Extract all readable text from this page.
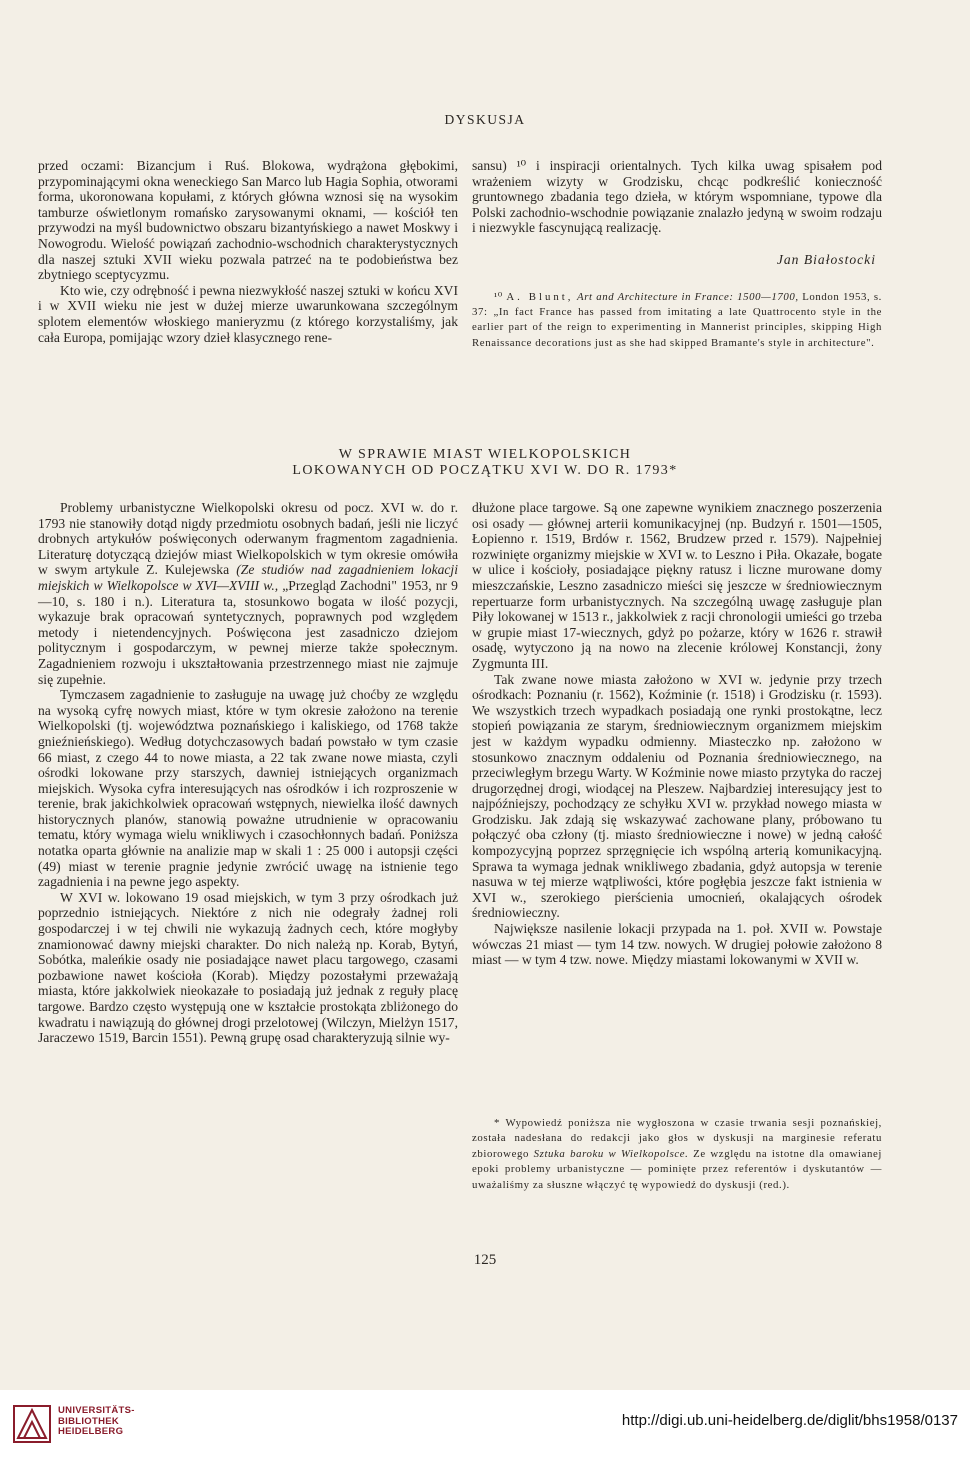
DYSKUSJA

przed oczami: Bizancjum i Ruś. Blokowa, wydrążona głębokimi, przypominającymi okna weneckiego San Marco lub Hagia Sophia, otworami forma, ukoronowana kopułami, z których główna wznosi się na wysokim tamburze oświetlonym romańsko zarysowanymi oknami, — kościół ten przywodzi na myśl budownictwo obszaru bizantyńskiego a nawet Moskwy i Nowogrodu. Wielość powiązań zachodnio-wschodnich charakterystycznych dla naszej sztuki XVII wieku pozwala patrzeć na te podobieństwa bez zbytniego sceptycyzmu.

Kto wie, czy odrębność i pewna niezwykłość naszej sztuki w końcu XVI i w XVII wieku nie jest w dużej mierze uwarunkowana szczególnym splotem elementów włoskiego manieryzmu (z którego korzystaliśmy, jak cała Europa, pomijając wzory dzieł klasycznego rene-

sansu) ¹⁰ i inspiracji orientalnych. Tych kilka uwag spisałem pod wrażeniem wizyty w Grodzisku, chcąc podkreślić konieczność gruntownego zbadania tego dzieła, w którym wspomniane, typowe dla Polski zachodnio-wschodnie powiązanie znalazło jedyną w swoim rodzaju i niezwykle fascynującą realizację.

Jan Białostocki

¹⁰ A. Blunt, Art and Architecture in France: 1500—1700, London 1953, s. 37: „In fact France has passed from imitating a late Quattrocento style in the earlier part of the reign to experimenting in Mannerist principles, skipping High Renaissance decorations just as she had skipped Bramante's style in architecture".

W SPRAWIE MIAST WIELKOPOLSKICH
LOKOWANYCH OD POCZĄTKU XVI W. DO R. 1793*

Problemy urbanistyczne Wielkopolski okresu od pocz. XVI w. do r. 1793 nie stanowiły dotąd nigdy przedmiotu osobnych badań, jeśli nie liczyć drobnych artykułów poświęconych oderwanym fragmentom zagadnienia. Literaturę dotyczącą dziejów miast Wielkopolskich w tym okresie omówiła w swym artykule Z. Kulejewska (Ze studiów nad zagadnieniem lokacji miejskich w Wielkopolsce w XVI—XVIII w., „Przegląd Zachodni" 1953, nr 9—10, s. 180 i n.). Literatura ta, stosunkowo bogata w ilość pozycji, wykazuje brak opracowań syntetycznych, poprawnych pod względem metody i nietendencyjnych. Poświęcona jest zasadniczo dziejom politycznym i gospodarczym, w pewnej mierze także społecznym. Zagadnieniem rozwoju i ukształtowania przestrzennego miast nie zajmuje się zupełnie.

Tymczasem zagadnienie to zasługuje na uwagę już choćby ze względu na wysoką cyfrę nowych miast, które w tym okresie założono na terenie Wielkopolski (tj. województwa poznańskiego i kaliskiego, od 1768 także gnieźnieńskiego). Według dotychczasowych badań powstało w tym czasie 66 miast, z czego 44 to nowe miasta, a 22 tak zwane nowe miasta, czyli ośrodki lokowane przy starszych, dawniej istniejących organizmach miejskich. Wysoka cyfra interesujących nas ośrodków i ich rozproszenie w terenie, brak jakichkolwiek opracowań wstępnych, niewielka ilość dawnych historycznych planów, stanowią poważne utrudnienie w opracowaniu tematu, który wymaga wielu wnikliwych i czasochłonnych badań. Poniższa notatka oparta głównie na analizie map w skali 1 : 25 000 i autopsji części (49) miast w terenie pragnie jedynie zwrócić uwagę na istnienie tego zagadnienia i na pewne jego aspekty.

W XVI w. lokowano 19 osad miejskich, w tym 3 przy ośrodkach już poprzednio istniejących. Niektóre z nich nie odegrały żadnej roli gospodarczej i w tej chwili nie wykazują żadnych cech, które mogłyby znamionować dawny miejski charakter. Do nich należą np. Korab, Bytyń, Sobótka, maleńkie osady nie posiadające nawet placu targowego, czasami pozbawione nawet kościoła (Korab). Między pozostałymi przeważają miasta, które jakkolwiek nieokazałe to posiadają już jednak z reguły placę targowe. Bardzo często występują one w kształcie prostokąta zbliżonego do kwadratu i nawiązują do głównej drogi przelotowej (Wilczyn, Mielżyn 1517, Jaraczewo 1519, Barcin 1551). Pewną grupę osad charakteryzują silnie wy-

dłużone place targowe. Są one zapewne wynikiem znacznego poszerzenia osi osady — głównej arterii komunikacyjnej (np. Budzyń r. 1501—1505, Łopienno r. 1519, Brdów r. 1562, Brudzew przed r. 1579). Najpełniej rozwinięte organizmy miejskie w XVI w. to Leszno i Piła. Okazałe, bogate w ulice i kościoły, posiadające piękny ratusz i liczne murowane domy mieszczańskie, Leszno zasadniczo mieści się jeszcze w średniowiecznym repertuarze form urbanistycznych. Na szczególną uwagę zasługuje plan Piły lokowanej w 1513 r., jakkolwiek z racji chronologii umieści go trzeba w grupie miast 17-wiecznych, gdyż po pożarze, który w 1626 r. strawił osadę, wytyczono ją na nowo na zlecenie królowej Konstancji, żony Zygmunta III.

Tak zwane nowe miasta założono w XVI w. jedynie przy trzech ośrodkach: Poznaniu (r. 1562), Koźminie (r. 1518) i Grodzisku (r. 1593). We wszystkich trzech wypadkach posiadają one rynki prostokątne, lecz stopień powiązania ze starym, średniowiecznym organizmem miejskim jest w każdym wypadku odmienny. Miasteczko np. założono w stosunkowo znacznym oddaleniu od Poznania średniowiecznego, na przeciwległym brzegu Warty. W Koźminie nowe miasto przytyka do raczej drugorzędnej drogi, wiodącej na Pleszew. Najbardziej interesujący jest to najpóźniejszy, pochodzący ze schyłku XVI w. przykład nowego miasta w Grodzisku. Jak zdają się wskazywać zachowane plany, próbowano tu połączyć oba człony (tj. miasto średniowieczne i nowe) w jedną całość kompozycyjną poprzez sprzęgnięcie ich wspólną arterią komunikacyjną. Sprawa ta wymaga jednak wnikliwego zbadania, gdyż autopsja w terenie nasuwa w tej mierze wątpliwości, które pogłębia jeszcze fakt istnienia w XVI w., szerokiego pierścienia umocnień, okalających ośrodek średniowieczny.

Największe nasilenie lokacji przypada na 1. poł. XVII w. Powstaje wówczas 21 miast — tym 14 tzw. nowych. W drugiej połowie założono 8 miast — w tym 4 tzw. nowe. Między miastami lokowanymi w XVII w.

* Wypowiedź poniższa nie wygłoszona w czasie trwania sesji poznańskiej, została nadesłana do redakcji jako głos w dyskusji na marginesie referatu zbiorowego Sztuka baroku w Wielkopolsce. Ze względu na istotne dla omawianej epoki problemy urbanistyczne — pominięte przez referentów i dyskutantów — uważaliśmy za słuszne włączyć tę wypowiedź do dyskusji (red.).

125
UNIVERSITÄTS-
BIBLIOTHEK
HEIDELBERG
http://digi.ub.uni-heidelberg.de/diglit/bhs1958/0137
